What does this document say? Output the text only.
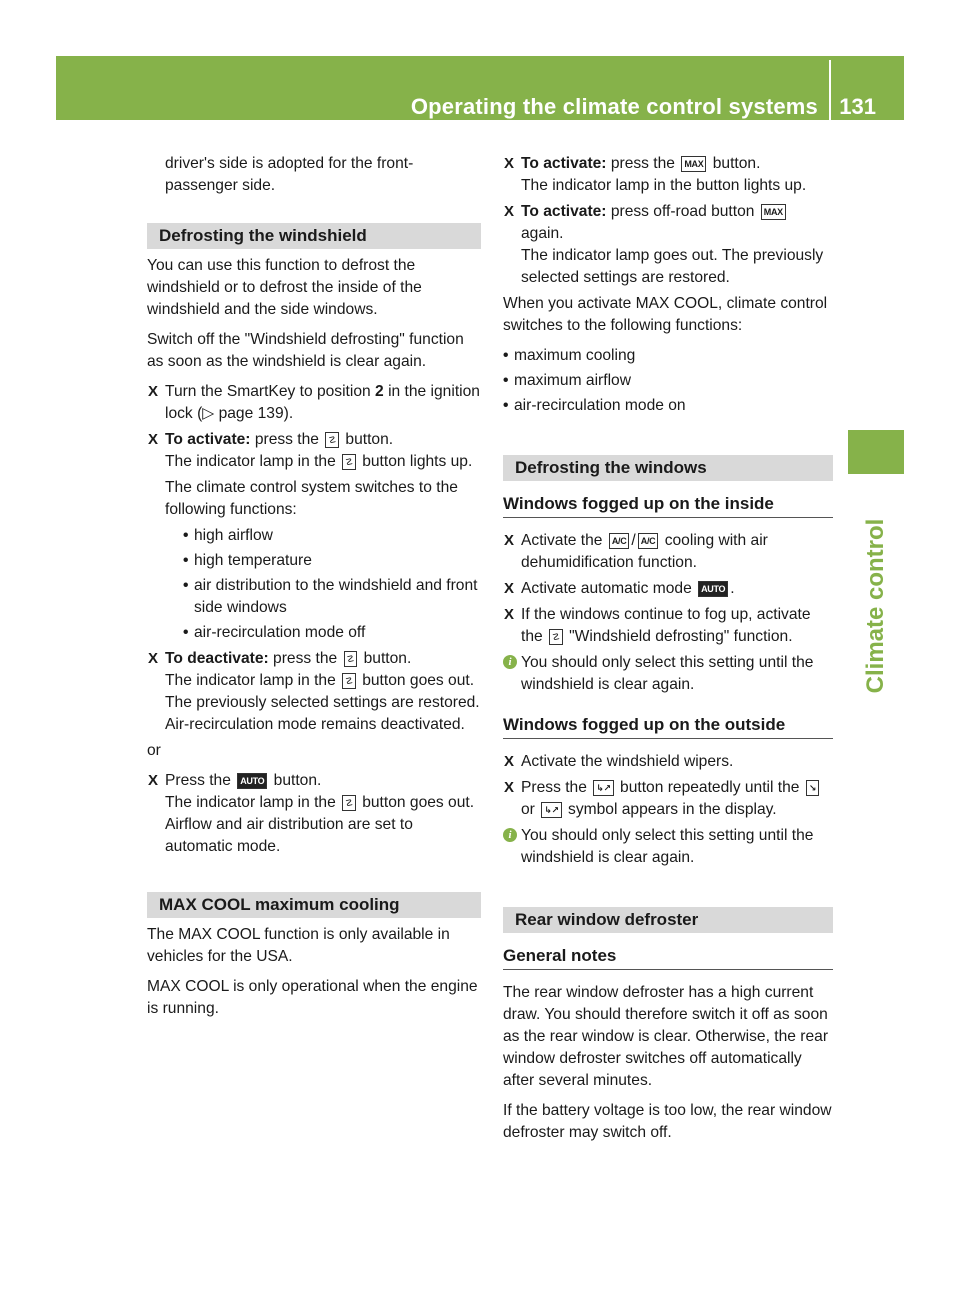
Operating the climate control systems 131
Climate control
driver's side is adopted for the front-passenger side.
Defrosting the windshield

You can use this function to defrost the windshield or to defrost the inside of the windshield and the side windows.

Switch off the "Windshield defrosting" function as soon as the windshield is clear again.

X Turn the SmartKey to position 2 in the ignition lock (▷ page 139).
X To activate: press the ☡ button.
The indicator lamp in the ☡ button lights up.
The climate control system switches to the following functions:
• high airflow
• high temperature
• air distribution to the windshield and front side windows
• air-recirculation mode off
X To deactivate: press the ☡ button.
The indicator lamp in the ☡ button goes out. The previously selected settings are restored. Air-recirculation mode remains deactivated.

or

X Press the AUTO button.
The indicator lamp in the ☡ button goes out. Airflow and air distribution are set to automatic mode.
MAX COOL maximum cooling

The MAX COOL function is only available in vehicles for the USA.

MAX COOL is only operational when the engine is running.

X To activate: press the MAX button.
The indicator lamp in the button lights up.
X To activate: press off-road button MAX again.
The indicator lamp goes out. The previously selected settings are restored.

When you activate MAX COOL, climate control switches to the following functions:

• maximum cooling
• maximum airflow
• air-recirculation mode on
Defrosting the windows
Windows fogged up on the inside
X Activate the A/C / A/C cooling with air dehumidification function.
X Activate automatic mode AUTO .
X If the windows continue to fog up, activate the ☡ "Windshield defrosting" function.
i You should only select this setting until the windshield is clear again.
Windows fogged up on the outside
X Activate the windshield wipers.
X Press the ↳↗ button repeatedly until the ↘ or ↳↗ symbol appears in the display.
i You should only select this setting until the windshield is clear again.
Rear window defroster
General notes

The rear window defroster has a high current draw. You should therefore switch it off as soon as the rear window is clear. Otherwise, the rear window defroster switches off automatically after several minutes.

If the battery voltage is too low, the rear window defroster may switch off.
